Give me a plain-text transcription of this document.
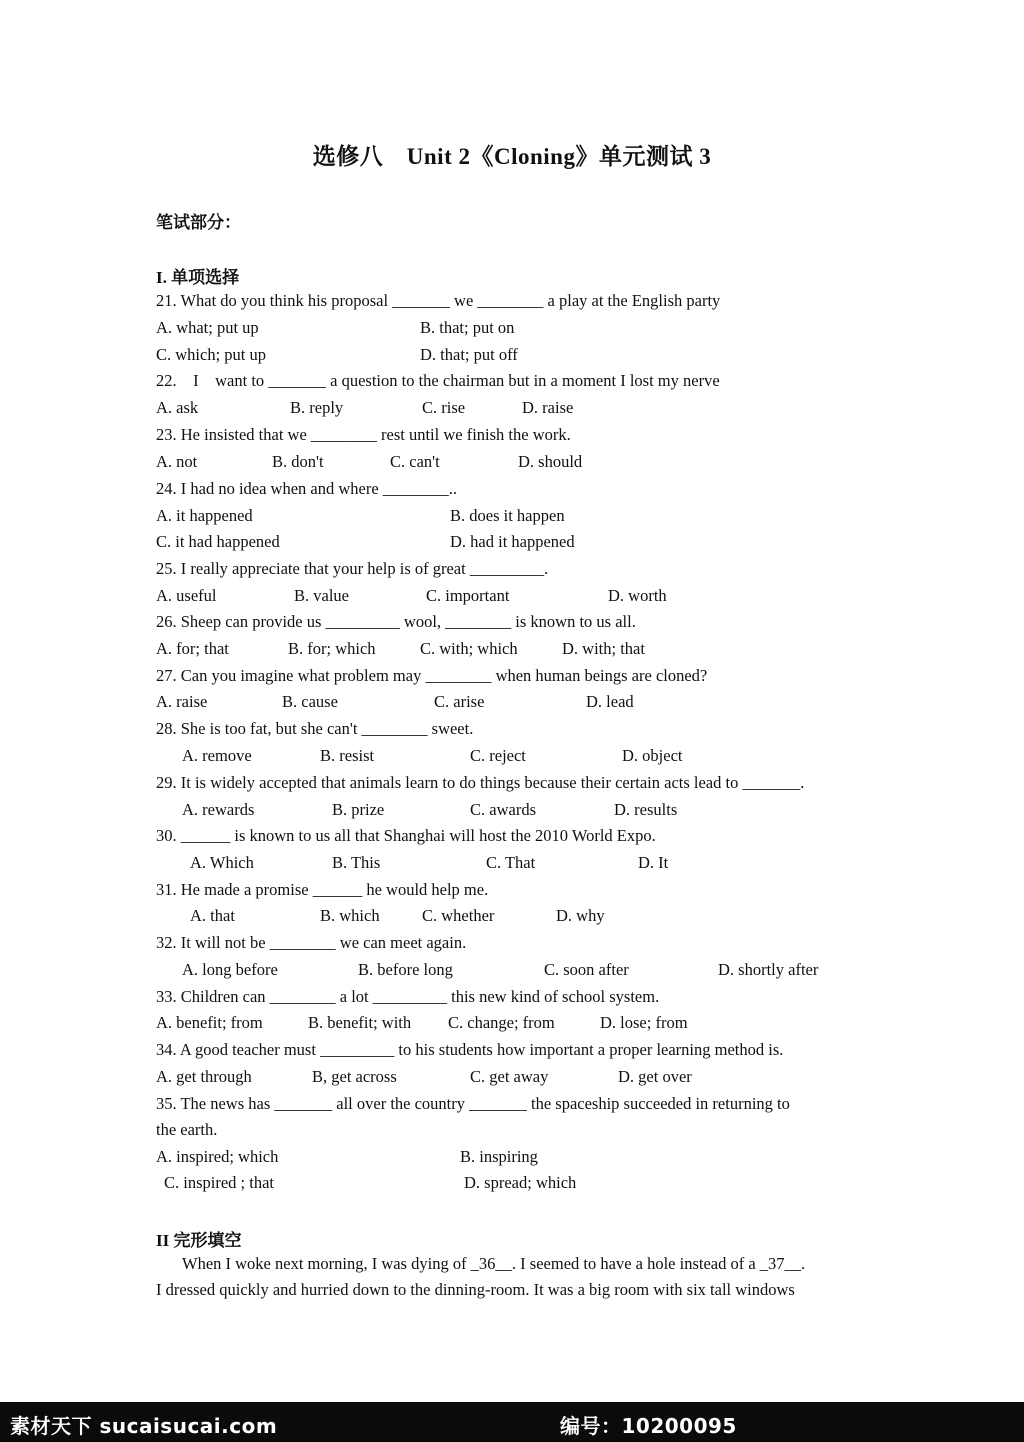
选修八　Unit 2《Cloning》单元测试 3
笔试部分：
I. 单项选择
21. What do you think his proposal _______ we ________ a play at the English party
A. what; put up	B. that; put on
C. which; put up	D. that; put off
22.　I　want to _______ a question to the chairman but in a moment I lost my nerve
A. ask	B. reply	C. rise	D. raise
23. He insisted that we ________ rest until we finish the work.
A. not	B. don't	C. can't	D. should
24. I had no idea when and where ________..
A. it happened	B. does it happen
C. it had happened	D. had it happened
25. I really appreciate that your help is of great _________.
A. useful	B. value	C. important	D. worth
26. Sheep can provide us _________ wool, ________ is known to us all.
A. for; that	B. for; which	C. with; which	D. with; that
27. Can you imagine what problem may ________ when human beings are cloned?
A. raise	B. cause	C. arise	D. lead
28. She is too fat, but she can't ________ sweet.
A. remove	B. resist	C. reject	D. object
29. It is widely accepted that animals learn to do things because their certain acts lead to _______.
A. rewards	B. prize	C. awards	D. results
30. ______ is known to us all that Shanghai will host the 2010 World Expo.
A. Which	B. This	C. That	D. It
31. He made a promise ______ he would help me.
A. that	B. which	C. whether	D. why
32. It will not be ________ we can meet again.
A. long before	B. before long	C. soon after	D. shortly after
33. Children can ________ a lot _________ this new kind of school system.
A. benefit; from	B. benefit; with C. change; from	D. lose; from
34. A good teacher must _________ to his students how important a proper learning method is.
A. get through	B, get across	C. get away	D. get over
35. The news has _______ all over the country _______ the spaceship succeeded in returning to
the earth.
A. inspired; which	B. inspiring
C. inspired ; that	D. spread; which
II 完形填空
When I woke next morning, I was dying of _36__. I seemed to have a hole instead of a _37__.
I dressed quickly and hurried down to the dinning-room. It was a big room with six tall windows
素材天下 sucaisucai.com	编号：10200095
